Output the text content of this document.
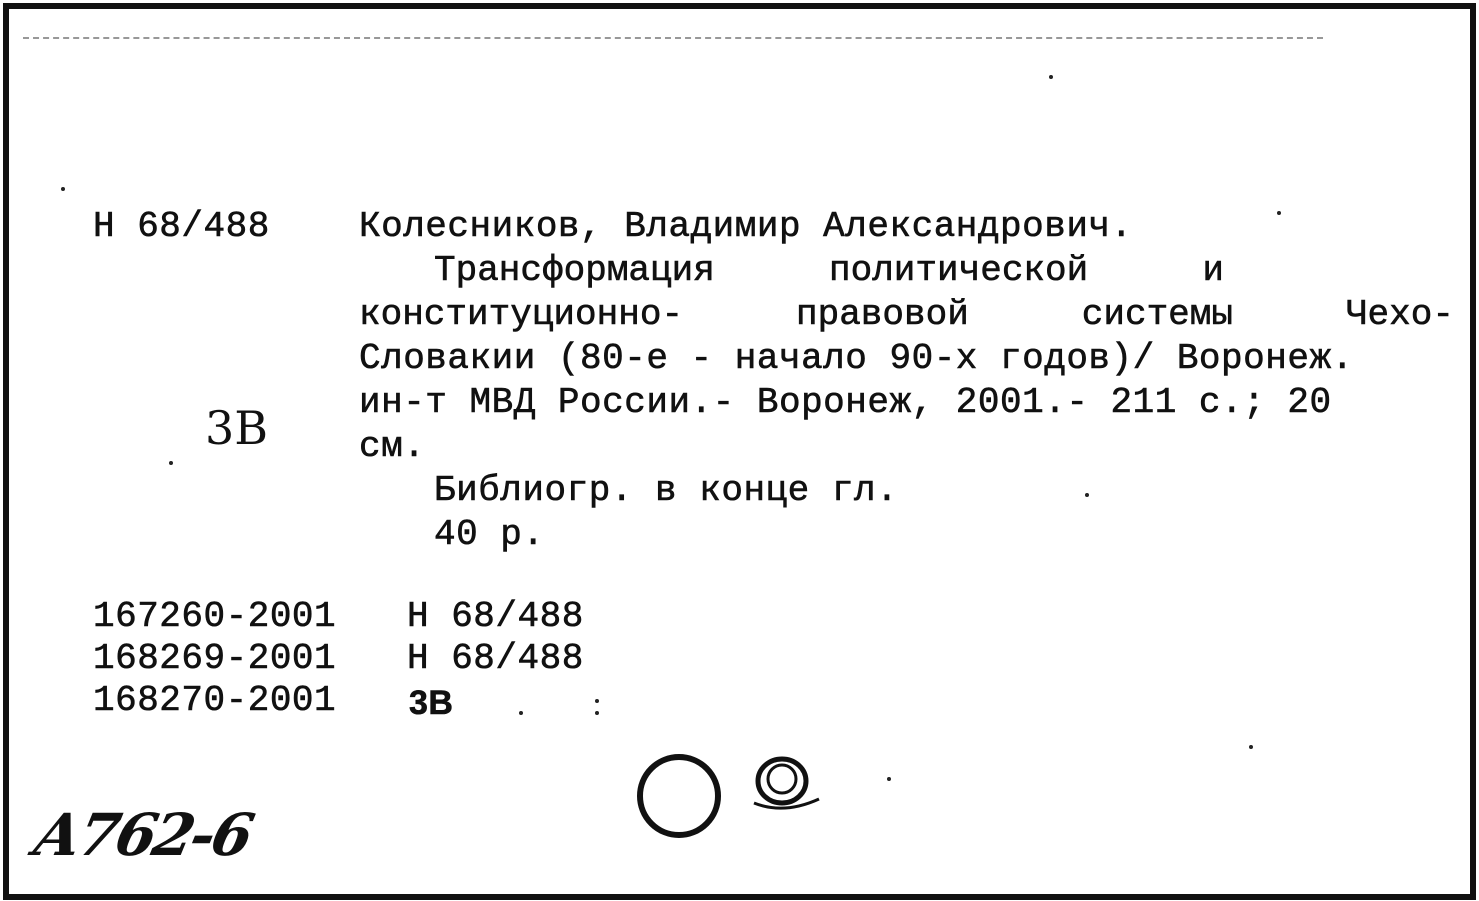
Н 68/488 Колесников, Владимир Александрович.
Трансформация	политической	и
конституционно-	правовой	системы	Чехо-
Словакии (80-е - начало 90-х годов)/ Воронеж.
ин-т МВД России.- Воронеж, 2001.- 211 с.; 20
3В	см.
Библиогр. в конце гл.
40 р.
167260-2001 Н 68/488
168269-2001 Н 68/488
168270-2001 3В
А762-6
